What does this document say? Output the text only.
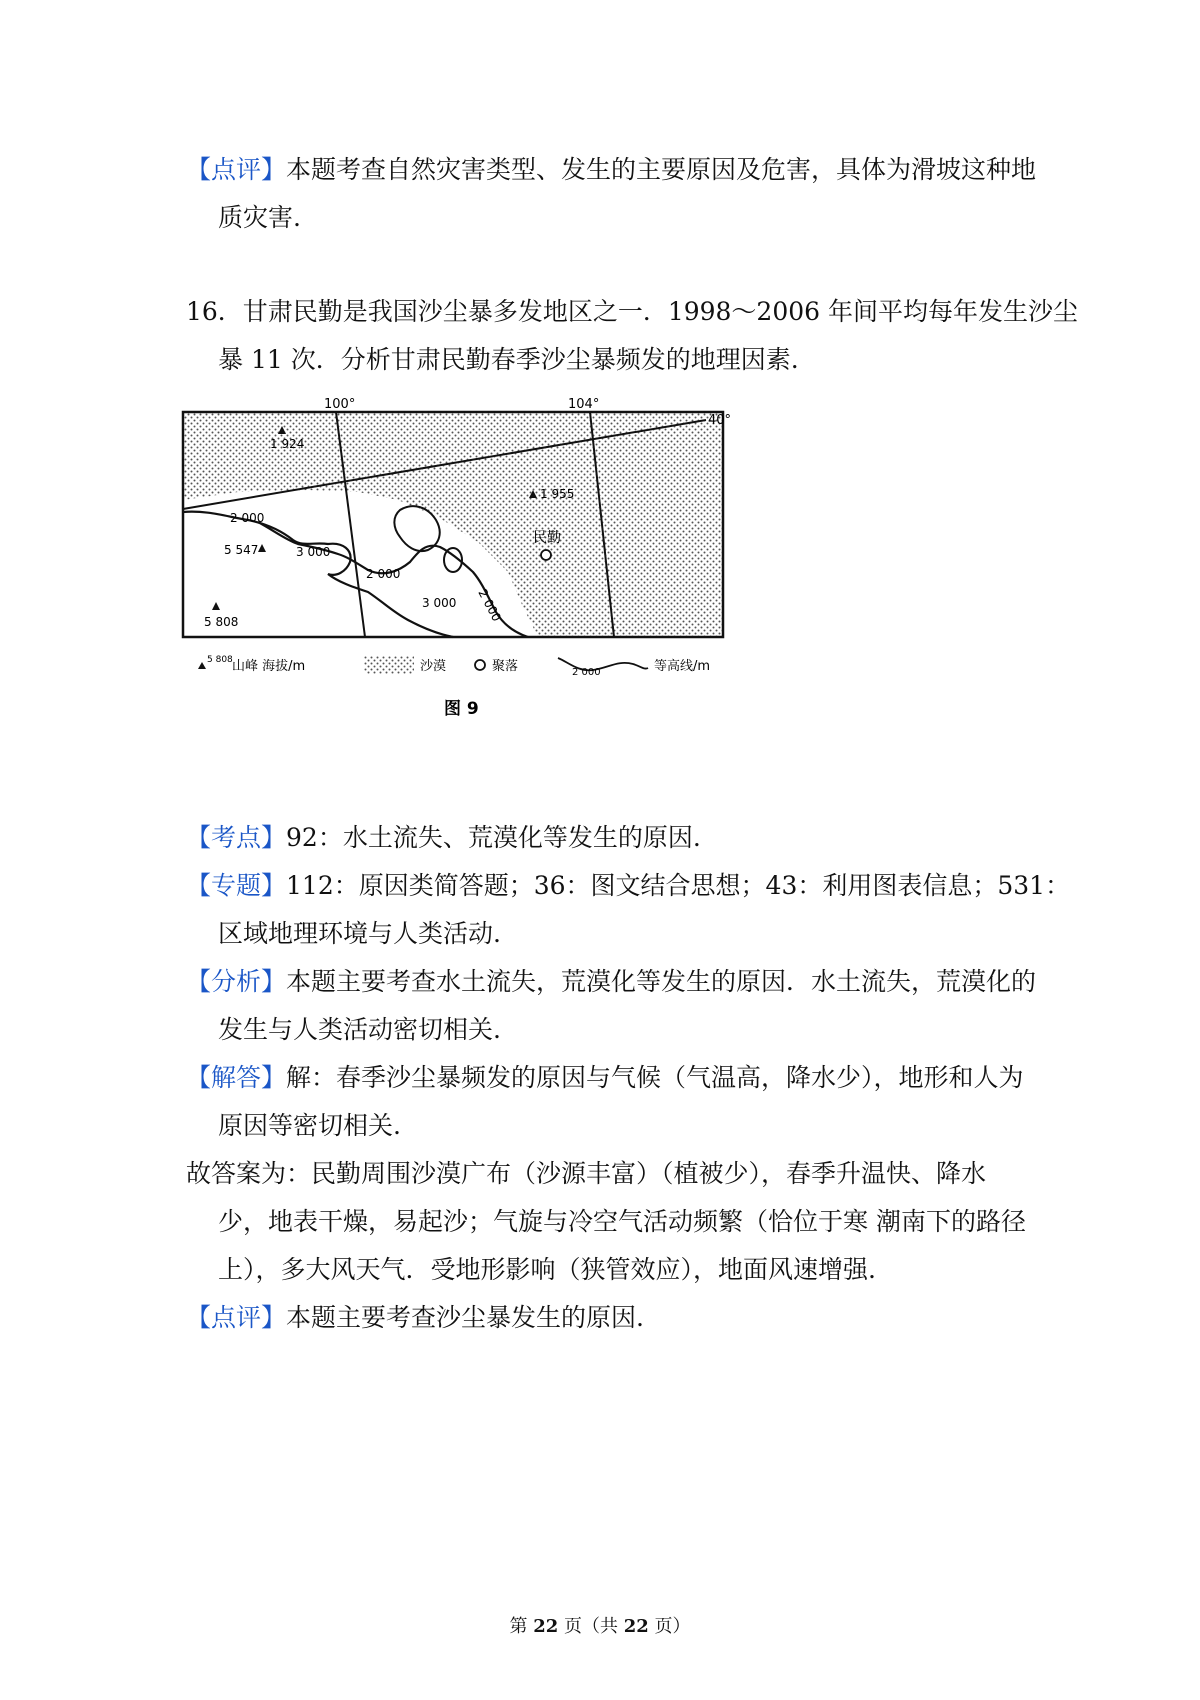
【点评】本题考查自然灾害类型、发生的主要原因及危害，具体为滑坡这种地
质灾害.
16．甘肃民勤是我国沙尘暴多发地区之一．1998～2006 年间平均每年发生沙尘
暴 11 次．分析甘肃民勤春季沙尘暴频发的地理因素.
100°	104°
40°
1 924
1 955
5 547
5 808
2 000
3 000
2 000
3 000 2 000
民勤
5 808 山峰 海拔/m	沙漠	聚落	2 000	等高线/m
图 9
【考点】92：水土流失、荒漠化等发生的原因.
【专题】112：原因类简答题；36：图文结合思想；43：利用图表信息；531：
区域地理环境与人类活动.
【分析】本题主要考查水土流失，荒漠化等发生的原因．水土流失，荒漠化的
发生与人类活动密切相关.
【解答】解：春季沙尘暴频发的原因与气候（气温高，降水少），地形和人为
原因等密切相关.
故答案为：民勤周围沙漠广布（沙源丰富）（植被少），春季升温快、降水
少，地表干燥，易起沙；气旋与冷空气活动频繁（恰位于寒 潮南下的路径
上），多大风天气．受地形影响（狭管效应），地面风速增强.
【点评】本题主要考查沙尘暴发生的原因.
第 22 页（共 22 页）
